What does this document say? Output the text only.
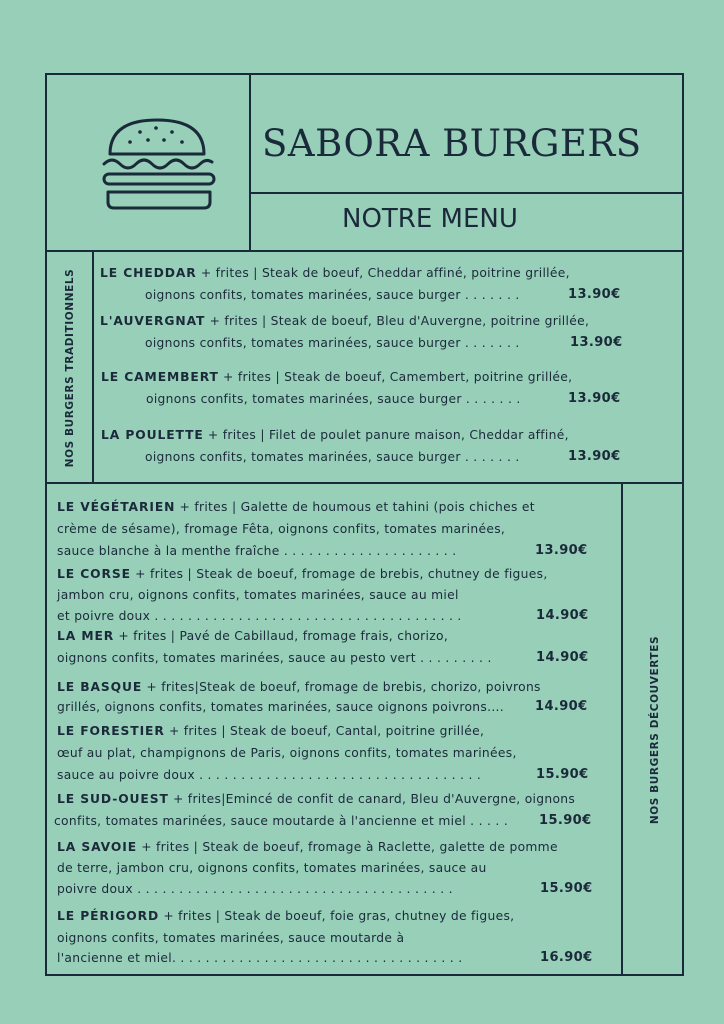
SABORA BURGERS
NOTRE MENU
NOS BURGERS TRADITIONNELS
NOS BURGERS DÉCOUVERTES
LE CHEDDAR + frites | Steak de boeuf, Cheddar affiné, poitrine grillée,
oignons confits, tomates marinées, sauce burger . . . . . . .	13.90€
L'AUVERGNAT + frites | Steak de boeuf, Bleu d'Auvergne, poitrine grillée,
oignons confits, tomates marinées, sauce burger . . . . . . .	13.90€
LE CAMEMBERT + frites | Steak de boeuf, Camembert, poitrine grillée,
oignons confits, tomates marinées, sauce burger . . . . . . .	13.90€
LA POULETTE + frites | Filet de poulet panure maison, Cheddar affiné,
oignons confits, tomates marinées, sauce burger . . . . . . .	13.90€
LE VÉGÉTARIEN + frites | Galette de houmous et tahini (pois chiches et
crème de sésame), fromage Fêta, oignons confits, tomates marinées,
sauce blanche à la menthe fraîche . . . . . . . . . . . . . . . . . . . . .	13.90€
LE CORSE + frites | Steak de boeuf, fromage de brebis, chutney de figues,
jambon cru, oignons confits, tomates marinées, sauce au miel
et poivre doux . . . . . . . . . . . . . . . . . . . . . . . . . . . . . . . . . . . . .	14.90€
LA MER + frites | Pavé de Cabillaud, fromage frais, chorizo,
oignons confits, tomates marinées, sauce au pesto vert . . . . . . . . .	14.90€
LE BASQUE + frites|Steak de boeuf, fromage de brebis, chorizo, poivrons
grillés, oignons confits, tomates marinées, sauce oignons poivrons.... 14.90€
LE FORESTIER + frites | Steak de boeuf, Cantal, poitrine grillée,
œuf au plat, champignons de Paris, oignons confits, tomates marinées,
sauce au poivre doux . . . . . . . . . . . . . . . . . . . . . . . . . . . . . . . . . .	15.90€
LE SUD-OUEST + frites|Emincé de confit de canard, Bleu d'Auvergne, oignons
confits, tomates marinées, sauce moutarde à l'ancienne et miel . . . . . 15.90€
LA SAVOIE + frites | Steak de boeuf, fromage à Raclette, galette de pomme
de terre, jambon cru, oignons confits, tomates marinées, sauce au
poivre doux . . . . . . . . . . . . . . . . . . . . . . . . . . . . . . . . . . . . . .	15.90€
LE PÉRIGORD + frites | Steak de boeuf, foie gras, chutney de figues,
oignons confits, tomates marinées, sauce moutarde à
l'ancienne et miel. . . . . . . . . . . . . . . . . . . . . . . . . . . . . . . . . . .	16.90€
